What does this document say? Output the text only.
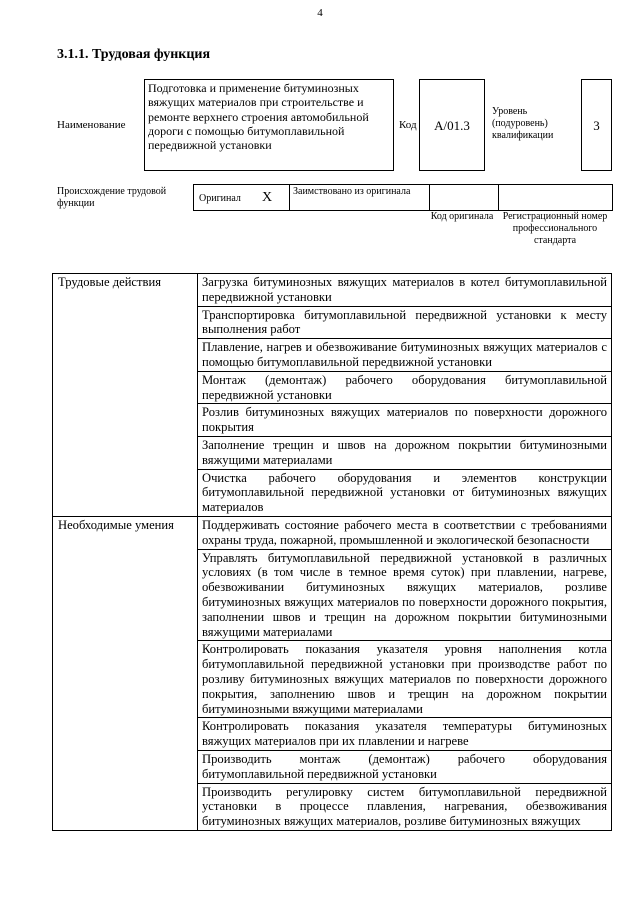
4
3.1.1. Трудовая функция
Наименование
Подготовка и применение битуминозных вяжущих материалов при строительстве и ремонте верхнего строения автомобильной дороги с помощью битумоплавильной передвижной установки
Код	A/01.3
Уровень (подуровень) квалификации
3
Происхождение трудовой функции	Оригинал X Заимствовано из оригинала
Код оригинала Регистрационный номер профессионального стандарта
Трудовые действия	Загрузка битуминозных вяжущих материалов в котел битумоплавильной передвижной установки
	Транспортировка битумоплавильной передвижной установки к месту выполнения работ
	Плавление, нагрев и обезвоживание битуминозных вяжущих материалов с помощью битумоплавильной передвижной установки
	Монтаж (демонтаж) рабочего оборудования битумоплавильной передвижной установки
	Розлив битуминозных вяжущих материалов по поверхности дорожного покрытия
	Заполнение трещин и швов на дорожном покрытии битуминозными вяжущими материалами
	Очистка рабочего оборудования и элементов конструкции битумоплавильной передвижной установки от битуминозных вяжущих материалов
Необходимые умения	Поддерживать состояние рабочего места в соответствии с требованиями охраны труда, пожарной, промышленной и экологической безопасности
	Управлять битумоплавильной передвижной установкой в различных условиях (в том числе в темное время суток) при плавлении, нагреве, обезвоживании битуминозных вяжущих материалов, розливе битуминозных вяжущих материалов по поверхности дорожного покрытия, заполнении швов и трещин на дорожном покрытии битуминозными вяжущими материалами
	Контролировать показания указателя уровня наполнения котла битумоплавильной передвижной установки при производстве работ по розливу битуминозных вяжущих материалов по поверхности дорожного покрытия, заполнению швов и трещин на дорожном покрытии битуминозными вяжущими материалами
	Контролировать показания указателя температуры битуминозных вяжущих материалов при их плавлении и нагреве
	Производить монтаж (демонтаж) рабочего оборудования битумоплавильной передвижной установки
	Производить регулировку систем битумоплавильной передвижной установки в процессе плавления, нагревания, обезвоживания битуминозных вяжущих материалов, розливе битуминозных вяжущих
